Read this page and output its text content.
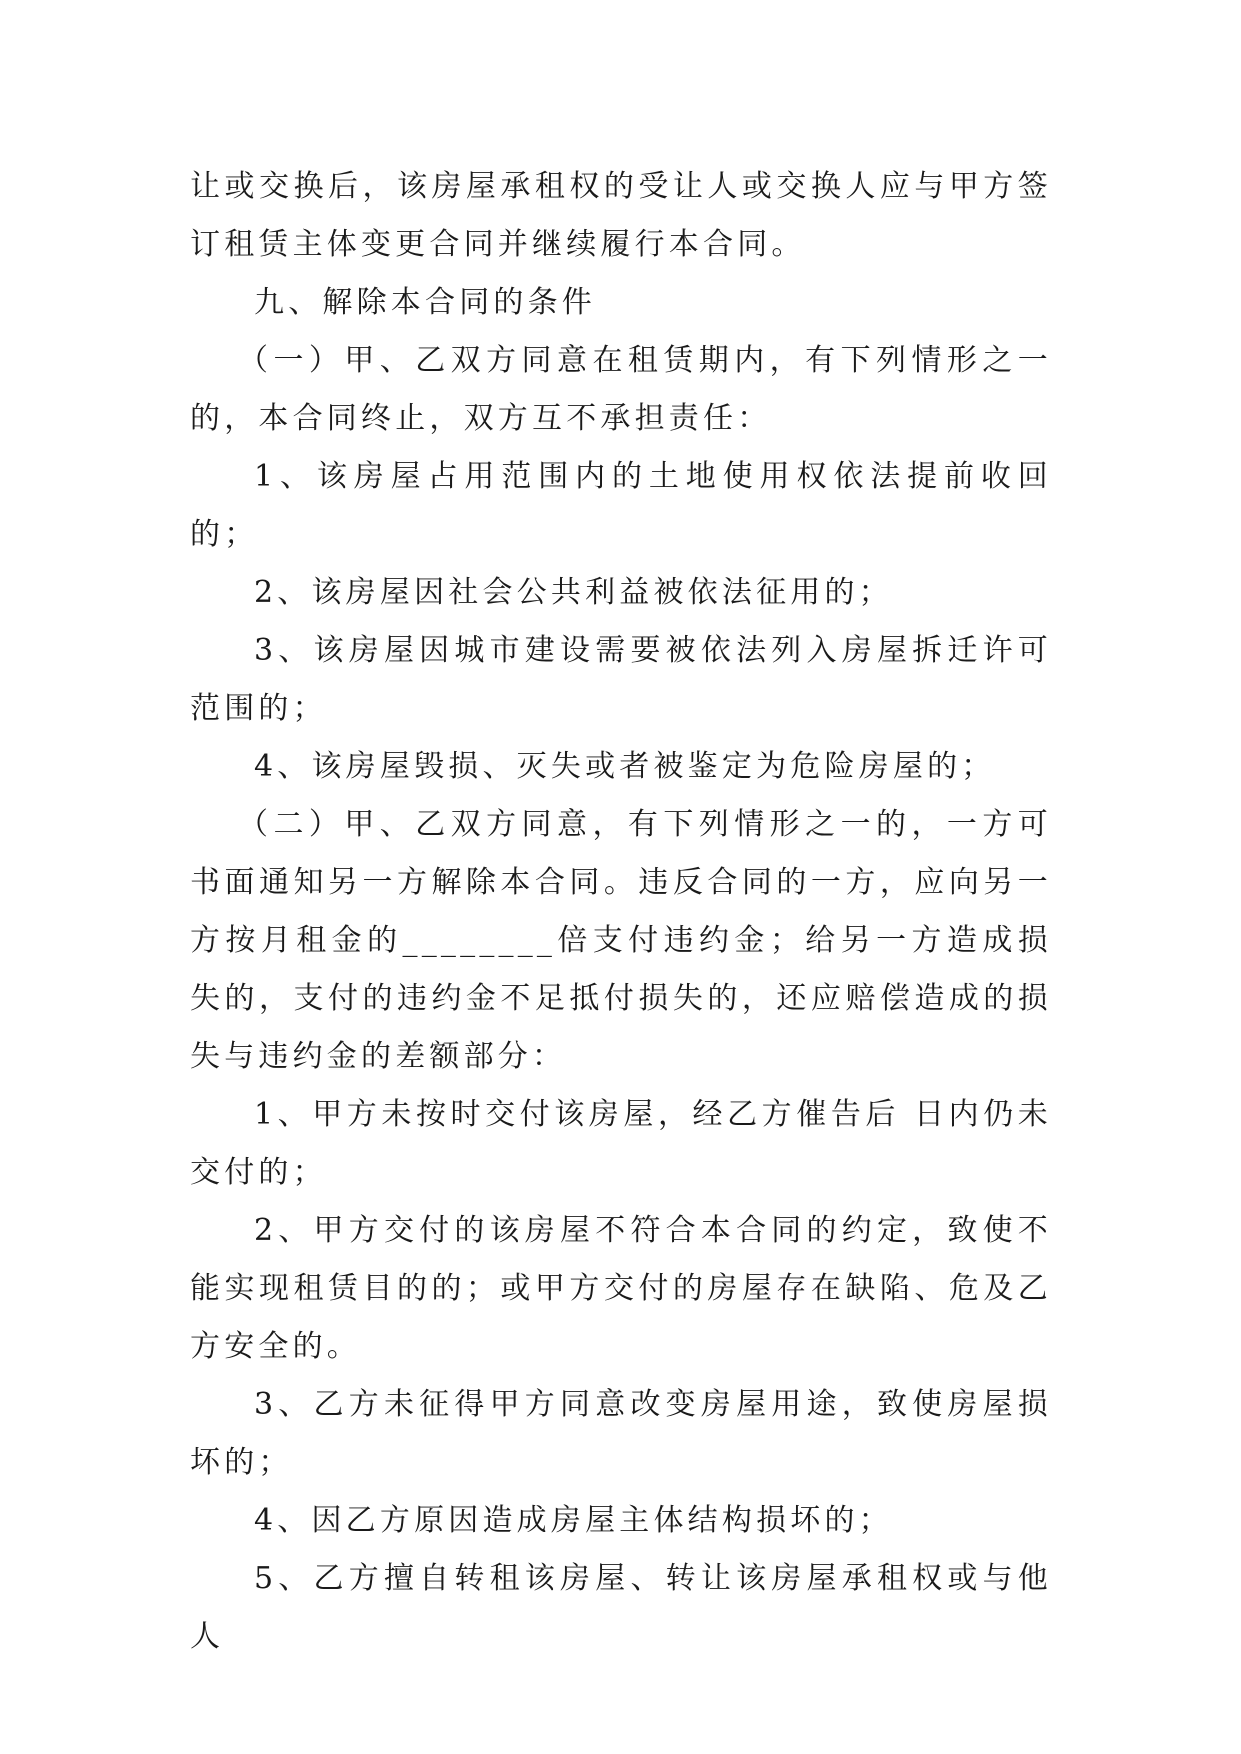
让或交换后，该房屋承租权的受让人或交换人应与甲方签订租赁主体变更合同并继续履行本合同。

九、解除本合同的条件

（一）甲、乙双方同意在租赁期内，有下列情形之一的，本合同终止，双方互不承担责任：

1、该房屋占用范围内的土地使用权依法提前收回的；

2、该房屋因社会公共利益被依法征用的；

3、该房屋因城市建设需要被依法列入房屋拆迁许可范围的；

4、该房屋毁损、灭失或者被鉴定为危险房屋的；

（二）甲、乙双方同意，有下列情形之一的，一方可书面通知另一方解除本合同。违反合同的一方，应向另一方按月租金的________倍支付违约金；给另一方造成损失的，支付的违约金不足抵付损失的，还应赔偿造成的损失与违约金的差额部分：

1、甲方未按时交付该房屋，经乙方催告后 日内仍未交付的；

2、甲方交付的该房屋不符合本合同的约定，致使不能实现租赁目的的；或甲方交付的房屋存在缺陷、危及乙方安全的。

3、乙方未征得甲方同意改变房屋用途，致使房屋损坏的；

4、因乙方原因造成房屋主体结构损坏的；

5、乙方擅自转租该房屋、转让该房屋承租权或与他人
